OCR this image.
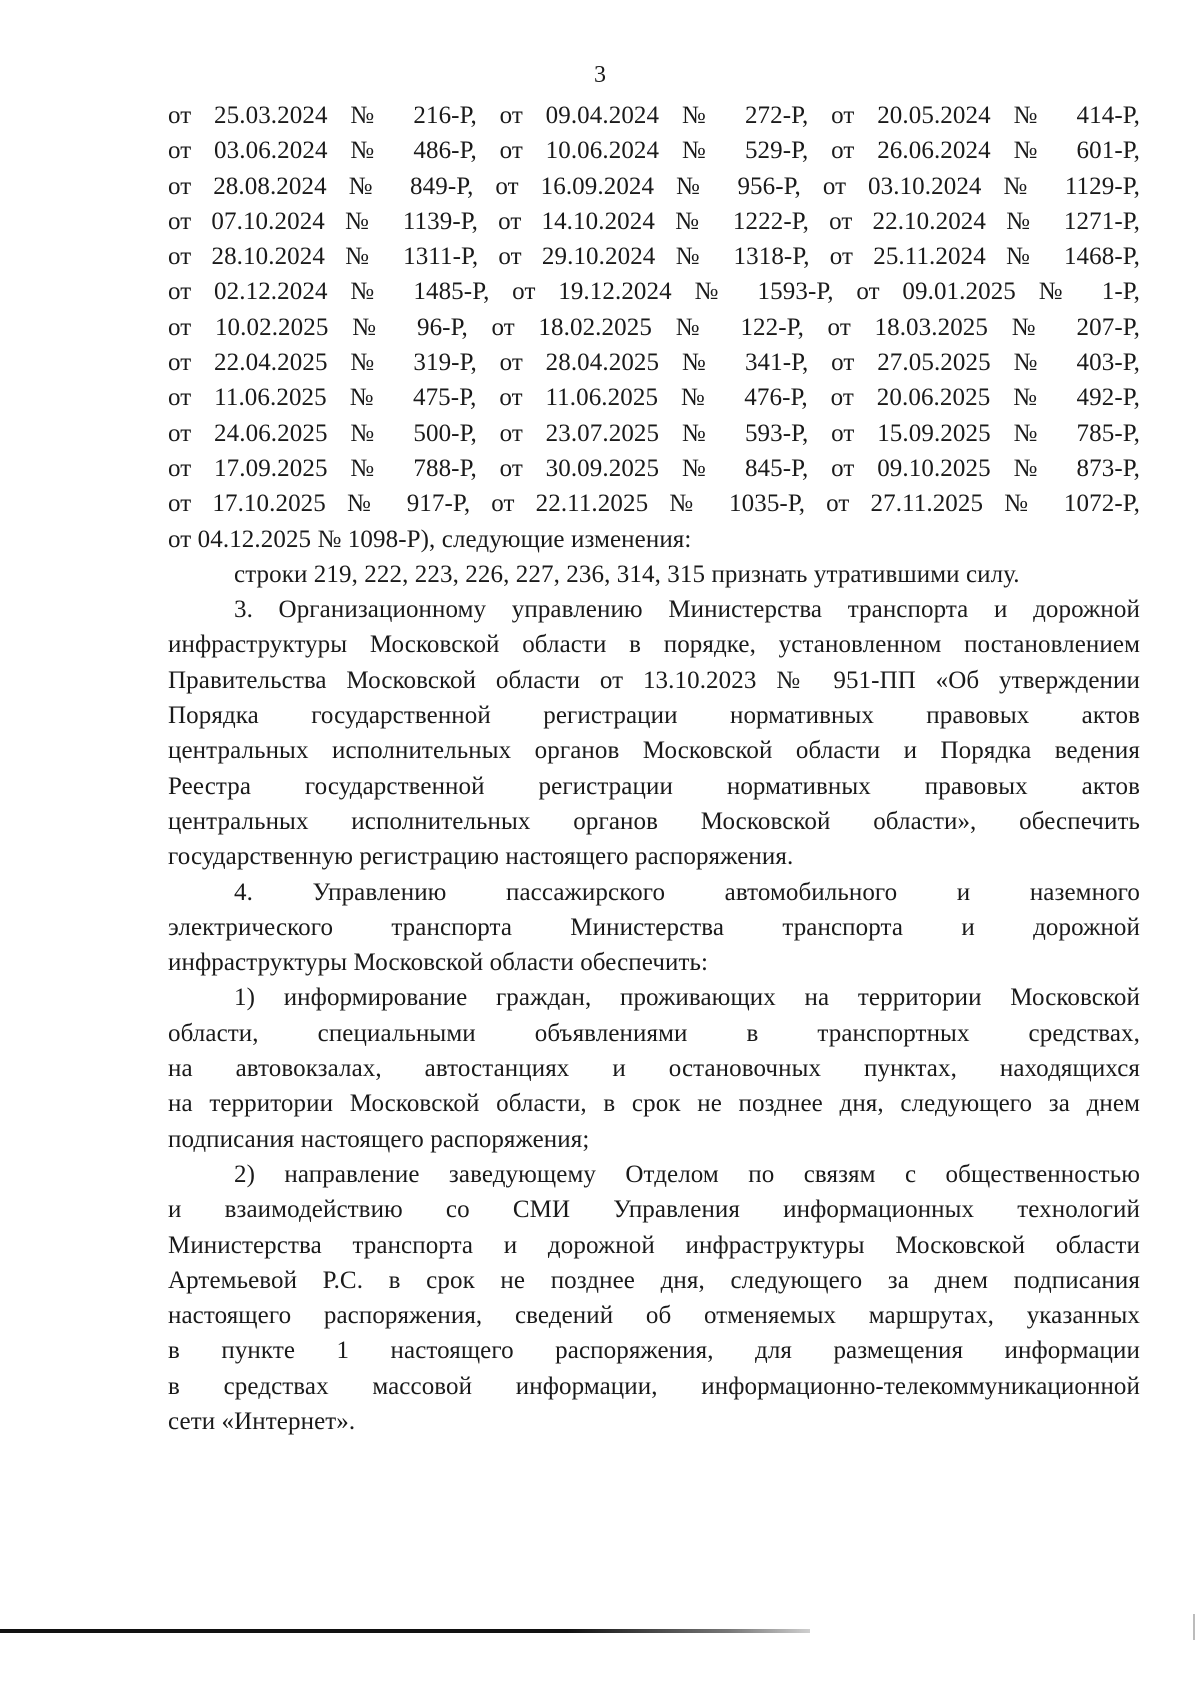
3
от 25.03.2024 № 216-Р, от 09.04.2024 № 272-Р, от 20.05.2024 № 414-Р,
от 03.06.2024 № 486-Р, от 10.06.2024 № 529-Р, от 26.06.2024 № 601-Р,
от 28.08.2024 № 849-Р, от 16.09.2024 № 956-Р, от 03.10.2024 № 1129-Р,
от 07.10.2024 № 1139-Р, от 14.10.2024 № 1222-Р, от 22.10.2024 № 1271-Р,
от 28.10.2024 № 1311-Р, от 29.10.2024 № 1318-Р, от 25.11.2024 № 1468-Р,
от 02.12.2024 № 1485-Р, от 19.12.2024 № 1593-Р, от 09.01.2025 № 1-Р,
от 10.02.2025 № 96-Р, от 18.02.2025 № 122-Р, от 18.03.2025 № 207-Р,
от 22.04.2025 № 319-Р, от 28.04.2025 № 341-Р, от 27.05.2025 № 403-Р,
от 11.06.2025 № 475-Р, от 11.06.2025 № 476-Р, от 20.06.2025 № 492-Р,
от 24.06.2025 № 500-Р, от 23.07.2025 № 593-Р, от 15.09.2025 № 785-Р,
от 17.09.2025 № 788-Р, от 30.09.2025 № 845-Р, от 09.10.2025 № 873-Р,
от 17.10.2025 № 917-Р, от 22.11.2025 № 1035-Р, от 27.11.2025 № 1072-Р,
от 04.12.2025 № 1098-Р), следующие изменения:
строки 219, 222, 223, 226, 227, 236, 314, 315 признать утратившими силу.
3. Организационному управлению Министерства транспорта и дорожной
инфраструктуры Московской области в порядке, установленном постановлением
Правительства Московской области от 13.10.2023 № 951-ПП «Об утверждении
Порядка государственной регистрации нормативных правовых актов
центральных исполнительных органов Московской области и Порядка ведения
Реестра государственной регистрации нормативных правовых актов
центральных исполнительных органов Московской области», обеспечить
государственную регистрацию настоящего распоряжения.
4. Управлению пассажирского автомобильного и наземного
электрического транспорта Министерства транспорта и дорожной
инфраструктуры Московской области обеспечить:
1) информирование граждан, проживающих на территории Московской
области, специальными объявлениями в транспортных средствах,
на автовокзалах, автостанциях и остановочных пунктах, находящихся
на территории Московской области, в срок не позднее дня, следующего за днем
подписания настоящего распоряжения;
2) направление заведующему Отделом по связям с общественностью
и взаимодействию со СМИ Управления информационных технологий
Министерства транспорта и дорожной инфраструктуры Московской области
Артемьевой Р.С. в срок не позднее дня, следующего за днем подписания
настоящего распоряжения, сведений об отменяемых маршрутах, указанных
в пункте 1 настоящего распоряжения, для размещения информации
в средствах массовой информации, информационно-телекоммуникационной
сети «Интернет».
